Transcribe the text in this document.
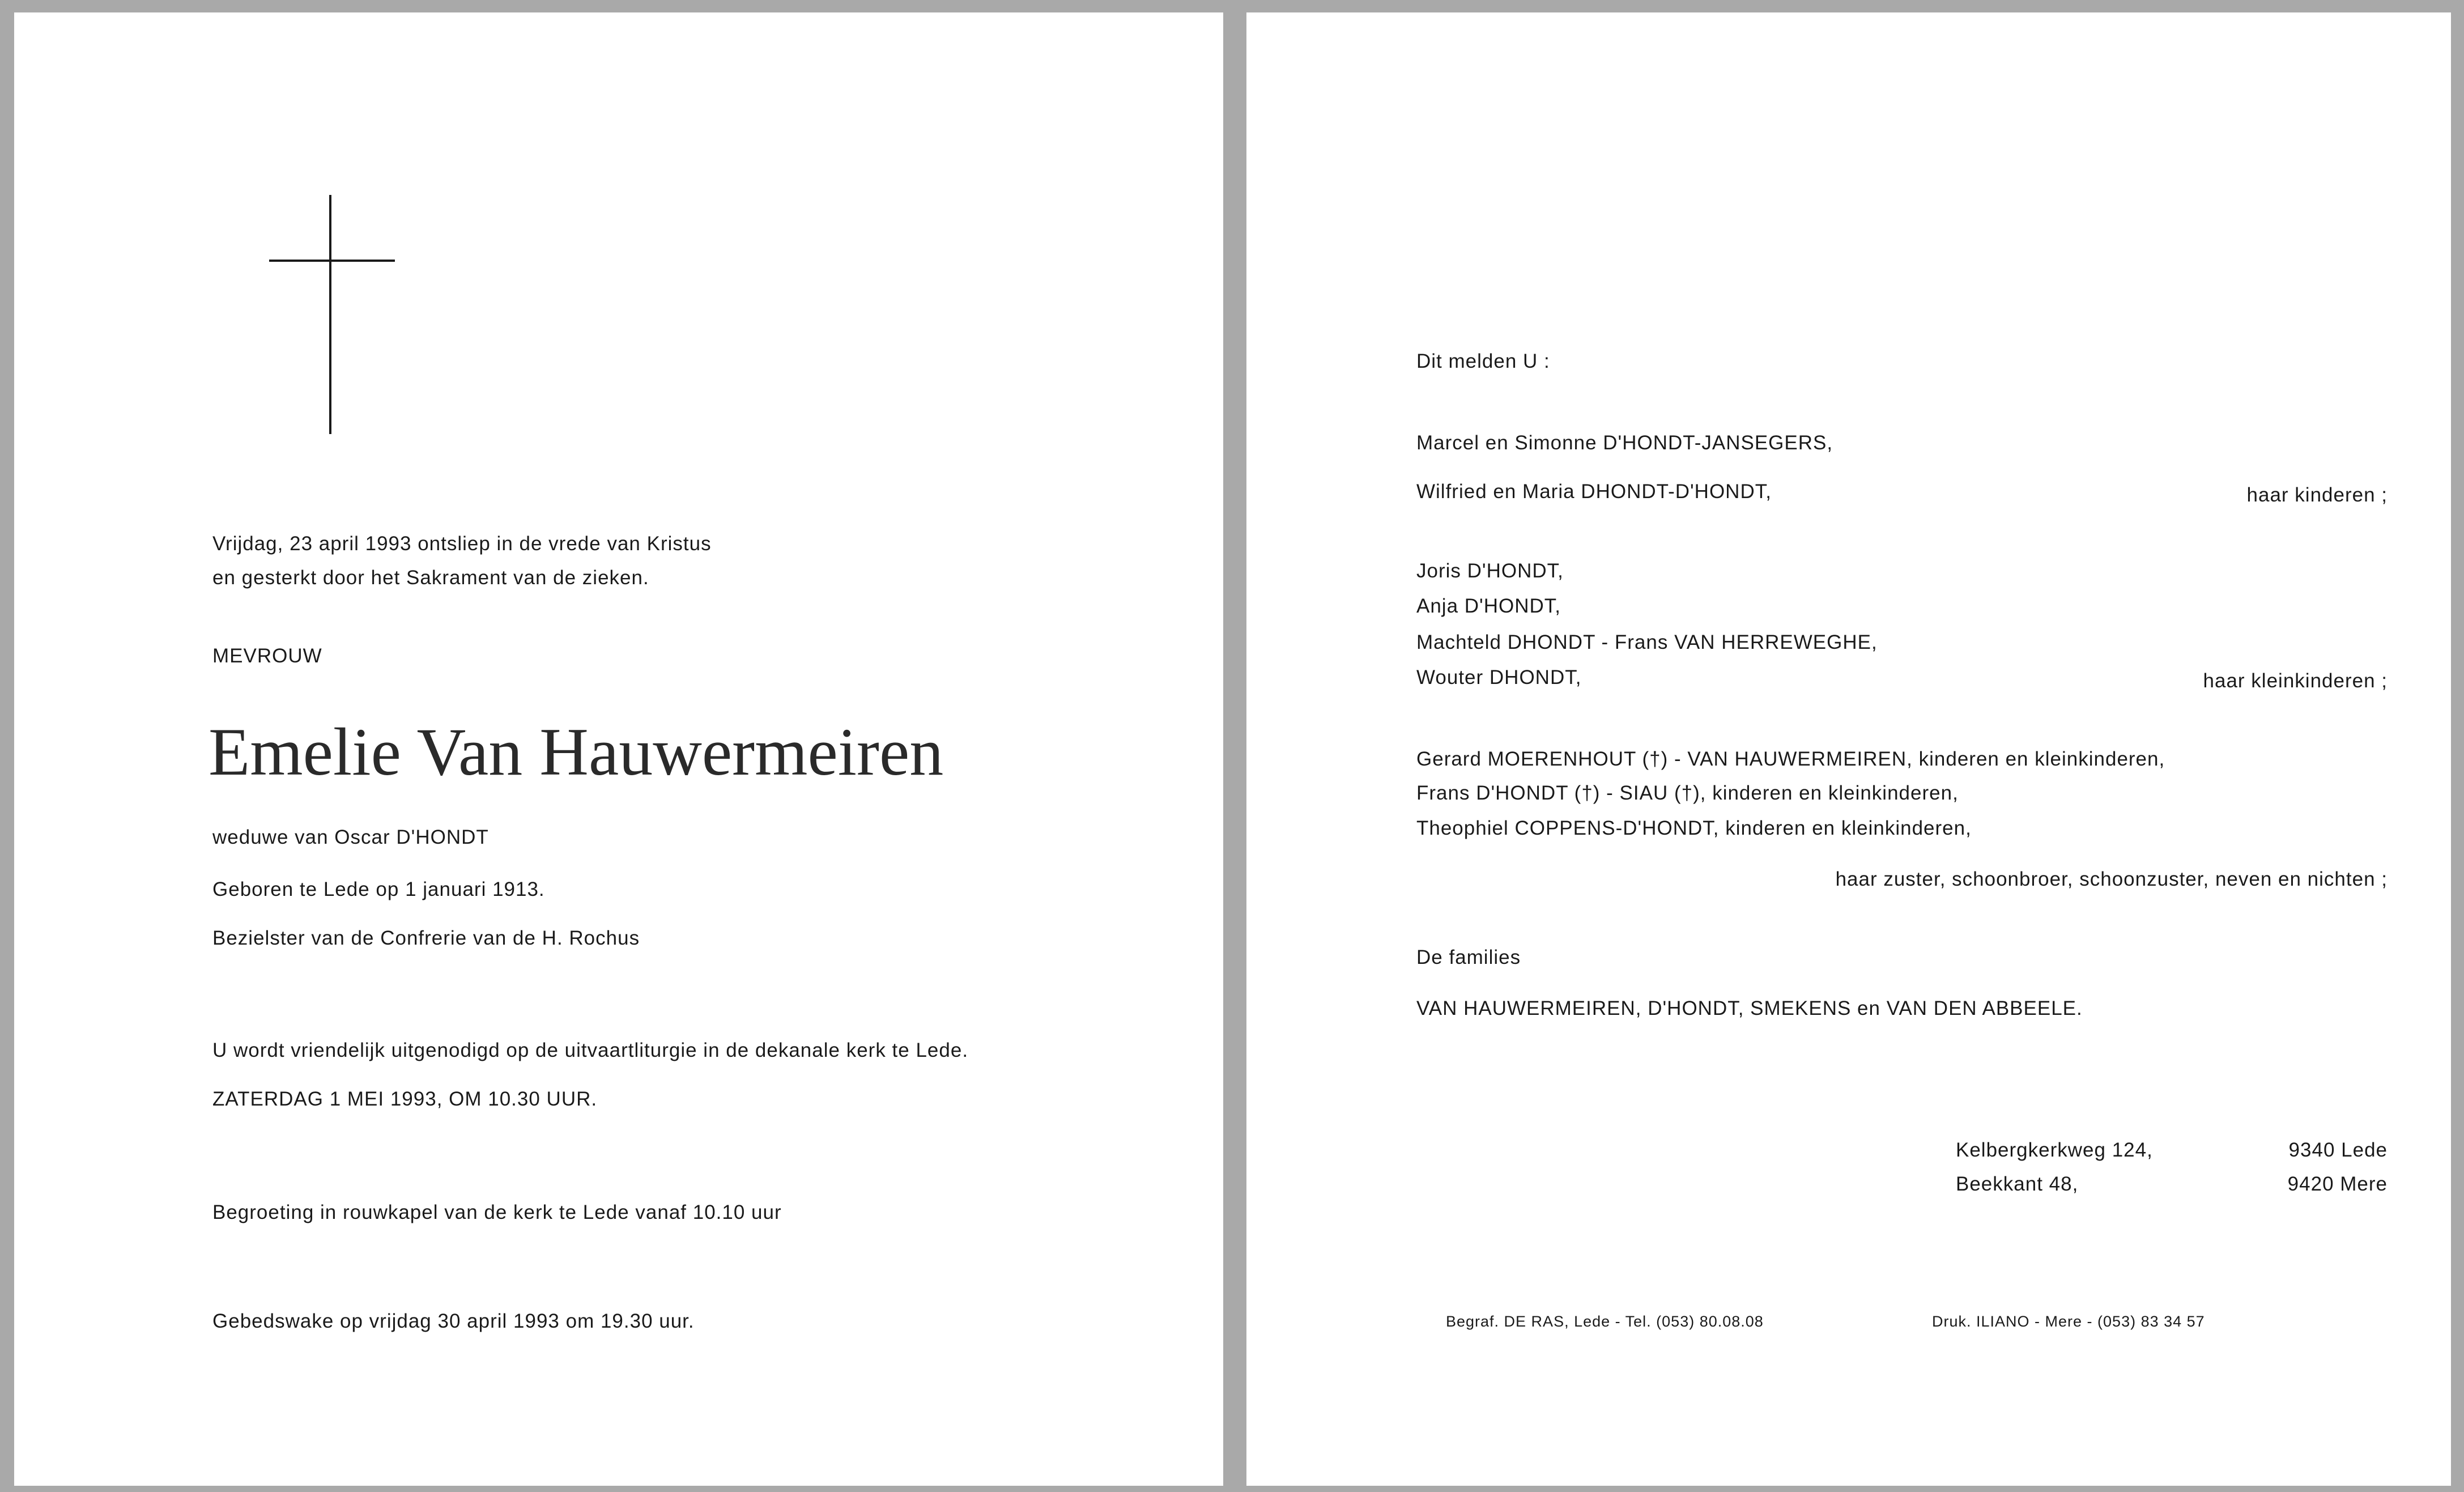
Vrijdag, 23 april 1993 ontsliep in de vrede van Kristus
en gesterkt door het Sakrament van de zieken.
MEVROUW
Emelie Van Hauwermeiren
weduwe van Oscar D'HONDT
Geboren te Lede op 1 januari 1913.
Bezielster van de Confrerie van de H. Rochus
U wordt vriendelijk uitgenodigd op de uitvaartliturgie in de dekanale kerk te Lede.
ZATERDAG 1 MEI 1993, OM 10.30 UUR.
Begroeting in rouwkapel van de kerk te Lede vanaf 10.10 uur
Gebedswake op vrijdag 30 april 1993 om 19.30 uur.
Dit melden U :
Marcel en Simonne D'HONDT-JANSEGERS,
Wilfried en Maria DHONDT-D'HONDT,	haar kinderen ;
Joris D'HONDT,
Anja D'HONDT,
Machteld DHONDT - Frans VAN HERREWEGHE,
Wouter DHONDT,	haar kleinkinderen ;
Gerard MOERENHOUT (†) - VAN HAUWERMEIREN, kinderen en kleinkinderen,
Frans D'HONDT (†) - SIAU (†), kinderen en kleinkinderen,
Theophiel COPPENS-D'HONDT, kinderen en kleinkinderen,
haar zuster, schoonbroer, schoonzuster, neven en nichten ;
De families
VAN HAUWERMEIREN, D'HONDT, SMEKENS en VAN DEN ABBEELE.
Kelbergkerkweg 124,	9340 Lede
Beekkant 48,	9420 Mere
Begraf. DE RAS, Lede - Tel. (053) 80.08.08	Druk. ILIANO - Mere - (053) 83 34 57
